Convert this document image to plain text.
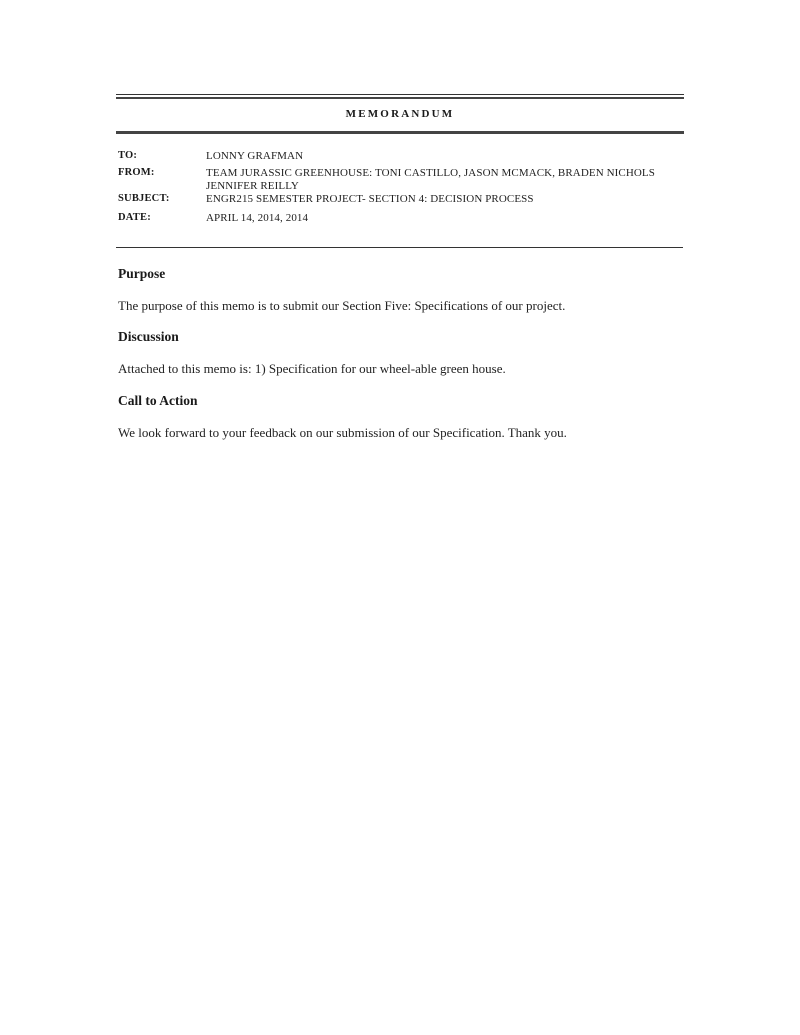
MEMORANDUM
TO:	LONNY GRAFMAN
FROM:	TEAM JURASSIC GREENHOUSE: TONI CASTILLO, JASON MCMACK, BRADEN NICHOLS
JENNIFER REILLY
SUBJECT:	ENGR215 SEMESTER PROJECT- SECTION 4: DECISION PROCESS
DATE:	APRIL 14, 2014, 2014
Purpose
The purpose of this memo is to submit our Section Five: Specifications of our project.
Discussion
Attached to this memo is: 1) Specification for our wheel-able green house.
Call to Action
We look forward to your feedback on our submission of our Specification. Thank you.
